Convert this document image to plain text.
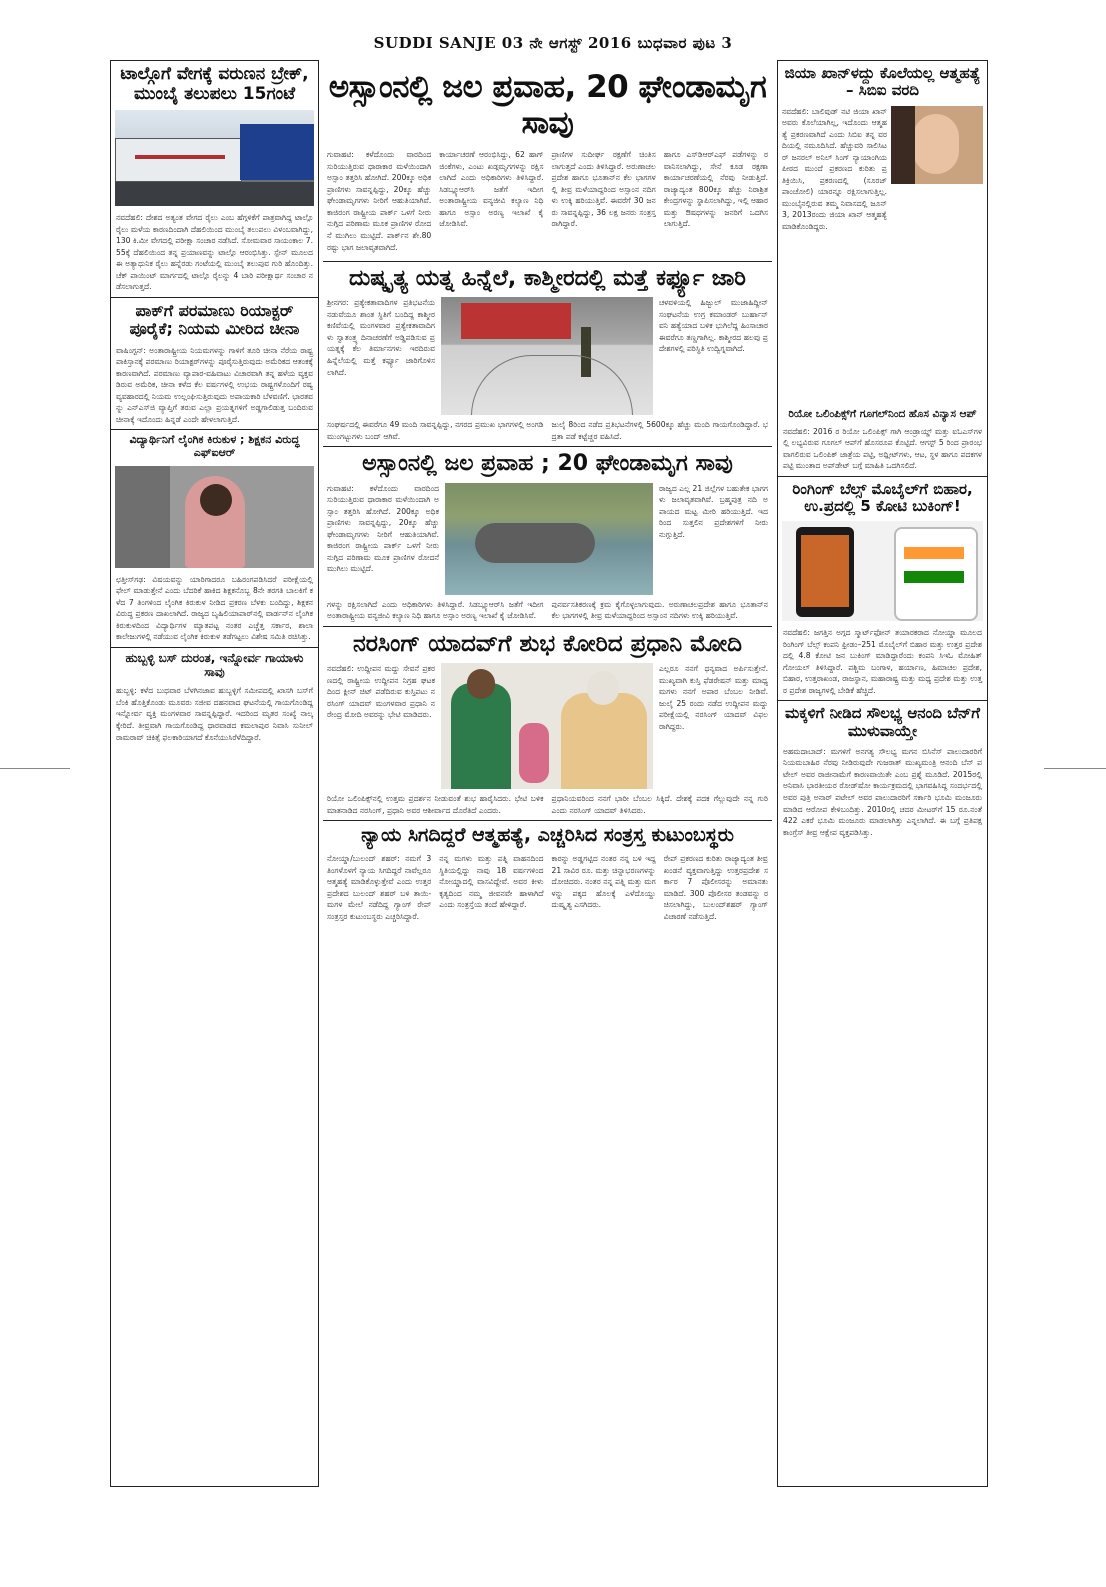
SUDDI SANJE 03 ನೇ ಆಗಸ್ಟ್ 2016 ಬುಧವಾರ ಪುಟ 3
ಟಾಲ್ಗೊಗೆ ವೇಗಕ್ಕೆ ವರುಣನ ಬ್ರೇಕ್, ಮುಂಬೈ ತಲುಪಲು 15ಗಂಟೆ
ನವದೆಹಲಿ: ದೇಶದ ಅತ್ಯಂತ ವೇಗದ ರೈಲು ಎಂಬ ಹೆಗ್ಗಳಿಕೆಗೆ ಪಾತ್ರವಾಗಿದ್ದ ಟಾಲ್ಗೊ ರೈಲು ಮಳೆಯ ಕಾರಣದಿಂದಾಗಿ ದೆಹಲಿಯಿಂದ ಮುಂಬೈ ತಲುಪಲು ವಿಳಂಬವಾಗಿದ್ದು, 130 ಕಿ.ಮೀ ವೇಗದಲ್ಲಿ ಪರೀಕ್ಷಾ ಸಂಚಾರ ನಡೆಸಿದೆ. ಸೋಮವಾರ ಸಾಯಂಕಾಲ 7.55ಕ್ಕೆ ದೆಹಲಿಯಿಂದ ತನ್ನ ಪ್ರಯಾಣವನ್ನು ಟಾಲ್ಗೊ ಆರಂಭಿಸಿತ್ತು. ಸ್ಪೇನ್ ಮೂಲದ ಈ ಅತ್ಯಾಧುನಿಕ ರೈಲು ಹನ್ನೆರಡು ಗಂಟೆಯಲ್ಲಿ ಮುಂಬೈ ತಲುಪುವ ಗುರಿ ಹೊಂದಿತ್ತು. ಚೆಕ್ ಪಾಯಿಂಟ್ ಮಾರ್ಗದಲ್ಲಿ ಟಾಲ್ಗೊ ರೈಲನ್ನು 4 ಬಾರಿ ಪರೀಕ್ಷಾರ್ಥ ಸಂಚಾರ ನಡೆಸಲಾಗುತ್ತದೆ.
ಪಾಕ್‌ಗೆ ಪರಮಾಣು ರಿಯಾಕ್ಟರ್ ಪೂರೈಕೆ; ನಿಯಮ ಮೀರಿದ ಚೀನಾ
ವಾಷಿಂಗ್ಟನ್: ಅಂತಾರಾಷ್ಟ್ರೀಯ ನಿಯಮಗಳನ್ನು ಗಾಳಿಗೆ ತೂರಿ ಚೀನಾ ನೆರೆಯ ರಾಷ್ಟ್ರ ಪಾಕಿಸ್ತಾನಕ್ಕೆ ಪರಮಾಣು ರಿಯಾಕ್ಟರ್‌ಗಳನ್ನು ಪೂರೈಸುತ್ತಿರುವುದು ಅಮೆರಿಕದ ಆತಂಕಕ್ಕೆ ಕಾರಣವಾಗಿದೆ. ಪರಮಾಣು ವ್ಯಾಪಾರ-ವಹಿವಾಟು ವಿಚಾರವಾಗಿ ತನ್ನ ಹಳೆಯ ವ್ಯಕ್ತವಡಿರುವ ಅಮೆರಿಕ, ಚೀನಾ ಕಳೆದ ಕೆಲ ವರ್ಷಗಳಲ್ಲಿ ಉಭಯ ರಾಷ್ಟ್ರಗಳೊಂದಿಗೆ ರಷ್ಯ ವ್ಯವಹಾರದಲ್ಲಿ ನಿಯಮ ಉಲ್ಲಂಘಿಸುತ್ತಿರುವುದು ಅಪಾಯಕಾರಿ ಬೆಳವಣಿಗೆ. ಭಾರತವನ್ನು ಎನ್‌ಎಸ್‌ಜಿ ವ್ಯಾಪ್ತಿಗೆ ತರುವ ಎಲ್ಲಾ ಪ್ರಯತ್ನಗಳಿಗೆ ಅಡ್ಡಗಾಲಿಡುತ್ತ ಬಂದಿರುವ ಚೀನಾಕ್ಕೆ ಇದೊಂದು ಹಿನ್ನಡೆ ಎಂದೇ ಹೇಳಲಾಗುತ್ತಿದೆ.
ವಿದ್ಯಾರ್ಥಿನಿಗೆ ಲೈಂಗಿಕ ಕಿರುಕುಳ ; ಶಿಕ್ಷಕನ ವಿರುದ್ಧ ಎಫ್‌ಐಆರ್
ಛತ್ತೀಸ್‌ಗಢ: ವಿಷಯವನ್ನು ಯಾರಿಗಾದರೂ ಬಹಿರಂಗಪಡಿಸಿದರೆ ಪರೀಕ್ಷೆಯಲ್ಲಿ ಫೇಲ್ ಮಾಡುತ್ತೇನೆ ಎಂದು ಬೆದರಿಕೆ ಹಾಕಿದ ಶಿಕ್ಷಕನೊಬ್ಬ 8ನೇ ತರಗತಿ ಬಾಲಕಿಗೆ ಕಳೆದ 7 ತಿಂಗಳಿಂದ ಲೈಂಗಿಕ ಕಿರುಕುಳ ನೀಡಿದ ಪ್ರಕರಣ ಬೆಳಕು ಬಂದಿದ್ದು, ಶಿಕ್ಷಕನ ವಿರುದ್ಧ ಪ್ರಕರಣ ದಾಖಲಾಗಿದೆ. ರಾಜ್ಯದ ಬೃಹಿಲಿಯಾಪಾರ್‌ನಲ್ಲಿ ವಾರ್ಡನ್‌ನ ಲೈಂಗಿಕ ಕಿರುಕುಳದಿಂದ ವಿದ್ಯಾರ್ಥಿಗಳ ಮ್ಯಾತಪಟ್ಟ ನಂತರ ಎಚ್ಚೆತ್ತ ಸರ್ಕಾರ, ಶಾಲಾ ಕಾಲೇಜುಗಳಲ್ಲಿ ನಡೆಯುವ ಲೈಂಗಿಕ ಕಿರುಕುಳ ತಡೆಗಟ್ಟಲು ವಿಶೇಷ ಸಮಿತಿ ರಚಿಸಿತ್ತು.
ಹುಬ್ಬಳ್ಳಿ ಬಸ್ ದುರಂತ, ಇನ್ನೋರ್ವ ಗಾಯಾಳು ಸಾವು
ಹುಬ್ಬಳ್ಳಿ: ಕಳೆದ ಬುಧವಾರ ಬೆಳಗಿನಜಾವ ಹುಬ್ಬಳ್ಳಿಗೆ ಸಮೀಪದಲ್ಲಿ ಖಾಸಗಿ ಬಸ್‌ಗೆ ಬೆಂಕಿ ಹೊತ್ತಿಕೊಂಡು ಮೂವರು ಸಜೀವ ದಹನವಾದ ಘಟನೆಯಲ್ಲಿ ಗಾಯಗೊಂಡಿದ್ದ ಇನ್ನೋರ್ವ ವ್ಯಕ್ತಿ ಮಂಗಳವಾರ ಸಾವನ್ನಪ್ಪಿದ್ದಾರೆ. ಇದರಿಂದ ಮೃತರ ಸಂಖ್ಯೆ ನಾಲ್ಕಕ್ಕೇರಿದೆ. ತೀವ್ರವಾಗಿ ಗಾಯಗೊಂಡಿದ್ದ ಧಾರವಾಡದ ಕಮಲಾಪುರ ನಿವಾಸಿ ಸುನೀಲ್ ರಾಮರಾವ್ ಚಿಕಿತ್ಸೆ ಫಲಕಾರಿಯಾಗದೆ ಕೊನೆಯುಸಿರೆಳೆದಿದ್ದಾರೆ.
ಅಸ್ಸಾಂನಲ್ಲಿ ಜಲ ಪ್ರವಾಹ, 20 ಘೇಂಡಾಮೃಗ ಸಾವು
ಗುವಾಹಟಿ: ಕಳೆದೊಂದು ವಾರದಿಂದ ಸುರಿಯುತ್ತಿರುವ ಧಾರಾಕಾರ ಮಳೆಯಿಂದಾಗಿ ಅಸ್ಸಾಂ ತತ್ತರಿಸಿ ಹೋಗಿದೆ. 200ಕ್ಕೂ ಅಧಿಕ ಪ್ರಾಣಿಗಳು ಸಾವನ್ನಪ್ಪಿದ್ದು, 20ಕ್ಕೂ ಹೆಚ್ಚು ಘೇಂಡಾಮೃಗಗಳು ನೀರಿಗೆ ಆಹುತಿಯಾಗಿವೆ. ಕಾಜಿರಂಗ ರಾಷ್ಟ್ರೀಯ ಪಾರ್ಕ್ ಒಳಗೆ ನೀರು ನುಗ್ಗಿದ ಪರಿಣಾಮ ಮೂಕ ಪ್ರಾಣಿಗಳ ರೋದನೆ ಮುಗಿಲು ಮುಟ್ಟಿದೆ. ಪಾರ್ಕ್‌ನ ಶೇ.80 ರಷ್ಟು ಭಾಗ ಜಲಾವೃತವಾಗಿದೆ.
ಕಾರ್ಯಾಚರಣೆ ಆರಂಭಿಸಿದ್ದು, 62 ಹಾಗ್ ಜಿಂಕೆಗಳು, ಎಂಟು ಖಡ್ಗಮೃಗಗಳನ್ನು ರಕ್ಷಿಸಲಾಗಿದೆ ಎಂದು ಅಧಿಕಾರಿಗಳು ತಿಳಿಸಿದ್ದಾರೆ. ಸಿಡಬ್ಲ್ಯೂಆರ್‌ಸಿ ಜತೆಗೆ ಇದೀಗ ಅಂತಾರಾಷ್ಟ್ರೀಯ ವನ್ಯಜೀವಿ ಕಲ್ಯಾಣ ನಿಧಿ ಹಾಗೂ ಅಸ್ಸಾಂ ಅರಣ್ಯ ಇಲಾಖೆ ಕೈ ಜೋಡಿಸಿವೆ.
ಪ್ರಾಣಿಗಳ ಸುದೀರ್ಘ ರಕ್ಷಣೆಗೆ ಚಿಂತಿಸಲಾಗುತ್ತದೆ ಎಂದು ತಿಳಿಸಿದ್ದಾರೆ. ಅರುಣಾಚಲಪ್ರದೇಶ ಹಾಗೂ ಭೂತಾನ್‌ನ ಕೆಲ ಭಾಗಗಳಲ್ಲಿ ತೀವ್ರ ಮಳೆಯಾದ್ದರಿಂದ ಅಸ್ಸಾಂನ ನದಿಗಳು ಉಕ್ಕಿ ಹರಿಯುತ್ತಿವೆ. ಈವರೆಗೆ 30 ಜನರು ಸಾವನ್ನಪ್ಪಿದ್ದು, 36 ಲಕ್ಷ ಜನರು ಸಂತ್ರಸ್ತರಾಗಿದ್ದಾರೆ.
ಹಾಗೂ ಎಸ್‌ಡಿಆರ್‌ಎಫ್ ಪಡೆಗಳನ್ನು ರವಾನಿಸಲಾಗಿದ್ದು, ಸೇನೆ ಕೂಡ ರಕ್ಷಣಾ ಕಾರ್ಯಾಚರಣೆಯಲ್ಲಿ ನೆರವು ನೀಡುತ್ತಿದೆ. ರಾಜ್ಯಾದ್ಯಂತ 800ಕ್ಕೂ ಹೆಚ್ಚು ನಿರಾಶ್ರಿತ ಕೇಂದ್ರಗಳನ್ನು ಸ್ಥಾಪಿಸಲಾಗಿದ್ದು, ಇಲ್ಲಿ ಆಹಾರ ಮತ್ತು ಔಷಧಗಳನ್ನು ಜನರಿಗೆ ಒದಗಿಸಲಾಗುತ್ತಿದೆ.
ದುಷ್ಕೃತ್ಯ ಯತ್ನ ಹಿನ್ನೆಲೆ, ಕಾಶ್ಮೀರದಲ್ಲಿ ಮತ್ತೆ ಕರ್ಫ್ಯೂ ಜಾರಿ
ಶ್ರೀನಗರ: ಪ್ರತ್ಯೇಕತಾವಾದಿಗಳ ಪ್ರತಿಭಟನೆಯ ನಡುವೆಯೂ ಶಾಂತ ಸ್ಥಿತಿಗೆ ಬಂದಿದ್ದ ಕಾಶ್ಮೀರ ಕಣಿವೆಯಲ್ಲಿ ಮಂಗಳವಾರ ಪ್ರತ್ಯೇಕತಾವಾದಿಗಳು ಸ್ವಾತಂತ್ರ್ಯ ದಿನಾಚರಣೆಗೆ ಅಡ್ಡಿಪಡಿಸುವ ಪ್ರಯತ್ನಕ್ಕೆ ಕೆಲ ತಿರ್ಮಾನಗಳು ಇರದಿರುವ ಹಿನ್ನೆಲೆಯಲ್ಲಿ ಮತ್ತೆ ಕರ್ಫ್ಯೂ ಜಾರಿಗೊಳಿಸಲಾಗಿದೆ.
ಚಳವಳಿಯಲ್ಲಿ ಹಿಜ್ಬುಲ್ ಮುಜಾಹಿದ್ದೀನ್ ಸಂಘಟನೆಯ ಉಗ್ರ ಕಮಾಂಡರ್ ಬುರ್ಹಾನ್ ವನಿ ಹತ್ಯೆಯಾದ ಬಳಿಕ ಭುಗಿಲೆದ್ದ ಹಿಂಸಾಚಾರ ಈವರೆಗೂ ತಣ್ಣಗಾಗಿಲ್ಲ. ಕಾಶ್ಮೀರದ ಹಲವು ಪ್ರದೇಶಗಳಲ್ಲಿ ಪರಿಸ್ಥಿತಿ ಉದ್ವಿಗ್ನವಾಗಿದೆ.
ಸಂಘರ್ಷದಲ್ಲಿ ಈವರೆಗೂ 49 ಮಂದಿ ಸಾವನ್ನಪ್ಪಿದ್ದು, ನಗರದ ಪ್ರಮುಖ ಭಾಗಗಳಲ್ಲಿ ಅಂಗಡಿ ಮುಂಗಟ್ಟುಗಳು ಬಂದ್ ಆಗಿವೆ.
ಜುಲೈ 8ರಿಂದ ನಡೆದ ಪ್ರತಿಭಟನೆಗಳಲ್ಲಿ 5600ಕ್ಕೂ ಹೆಚ್ಚು ಮಂದಿ ಗಾಯಗೊಂಡಿದ್ದಾರೆ. ಭದ್ರತಾ ಪಡೆ ಕಟ್ಟೆಚ್ಚರ ವಹಿಸಿದೆ.
ಅಸ್ಸಾಂನಲ್ಲಿ ಜಲ ಪ್ರವಾಹ ; 20 ಘೇಂಡಾಮೃಗ ಸಾವು
ಗುವಾಹಟಿ: ಕಳೆದೊಂದು ವಾರದಿಂದ ಸುರಿಯುತ್ತಿರುವ ಧಾರಾಕಾರ ಮಳೆಯಿಂದಾಗಿ ಅಸ್ಸಾಂ ತತ್ತರಿಸಿ ಹೋಗಿದೆ. 200ಕ್ಕೂ ಅಧಿಕ ಪ್ರಾಣಿಗಳು ಸಾವನ್ನಪ್ಪಿದ್ದು, 20ಕ್ಕೂ ಹೆಚ್ಚು ಘೇಂಡಾಮೃಗಗಳು ನೀರಿಗೆ ಆಹುತಿಯಾಗಿವೆ. ಕಾಜಿರಂಗ ರಾಷ್ಟ್ರೀಯ ಪಾರ್ಕ್ ಒಳಗೆ ನೀರು ನುಗ್ಗಿದ ಪರಿಣಾಮ ಮೂಕ ಪ್ರಾಣಿಗಳ ರೋದನೆ ಮುಗಿಲು ಮುಟ್ಟಿದೆ.
ರಾಜ್ಯದ ಎಲ್ಲ 21 ಜಿಲ್ಲೆಗಳ ಬಹುತೇಕ ಭಾಗಗಳು ಜಲಾವೃತವಾಗಿವೆ. ಬ್ರಹ್ಮಪುತ್ರ ನದಿ ಅಪಾಯದ ಮಟ್ಟ ಮೀರಿ ಹರಿಯುತ್ತಿದೆ. ಇದರಿಂದ ಸುತ್ತಲಿನ ಪ್ರದೇಶಗಳಿಗೆ ನೀರು ನುಗ್ಗುತ್ತಿದೆ.
ಗಳನ್ನು ರಕ್ಷಿಸಲಾಗಿದೆ ಎಂದು ಅಧಿಕಾರಿಗಳು ತಿಳಿಸಿದ್ದಾರೆ. ಸಿಡಬ್ಲ್ಯೂಆರ್‌ಸಿ ಜತೆಗೆ ಇದೀಗ ಅಂತಾರಾಷ್ಟ್ರೀಯ ವನ್ಯಜೀವಿ ಕಲ್ಯಾಣ ನಿಧಿ ಹಾಗೂ ಅಸ್ಸಾಂ ಅರಣ್ಯ ಇಲಾಖೆ ಕೈ ಜೋಡಿಸಿವೆ.
ಪುನರ್ವಸತಿಕರಣಕ್ಕೆ ಕ್ರಮ ಕೈಗೊಳ್ಳಲಾಗುವುದು. ಅರುಣಾಚಲಪ್ರದೇಶ ಹಾಗೂ ಭೂತಾನ್‌ನ ಕೆಲ ಭಾಗಗಳಲ್ಲಿ ತೀವ್ರ ಮಳೆಯಾದ್ದರಿಂದ ಅಸ್ಸಾಂನ ನದಿಗಳು ಉಕ್ಕಿ ಹರಿಯುತ್ತಿವೆ.
ನರಸಿಂಗ್ ಯಾದವ್‌ಗೆ ಶುಭ ಕೋರಿದ ಪ್ರಧಾನಿ ಮೋದಿ
ನವದೆಹಲಿ: ಉದ್ದೀಪನ ಮದ್ದು ಸೇವನೆ ಪ್ರಕರಣದಲ್ಲಿ ರಾಷ್ಟ್ರೀಯ ಉದ್ದೀಪನ ನಿಗ್ರಹ ಘಟಕದಿಂದ ಕ್ಲೀನ್ ಚಿಟ್ ಪಡೆದಿರುವ ಕುಸ್ತಿಪಟು ನರಸಿಂಗ್ ಯಾದವ್ ಮಂಗಳವಾರ ಪ್ರಧಾನಿ ನರೇಂದ್ರ ಮೋದಿ ಅವರನ್ನು ಭೇಟಿ ಮಾಡಿದರು.
ಎಲ್ಲರೂ ನನಗೆ ಧನ್ಯವಾದ ಅರ್ಪಿಸುತ್ತೇನೆ. ಮುಖ್ಯವಾಗಿ ಕುಸ್ತಿ ಫೆಡರೇಷನ್ ಮತ್ತು ಮಾಧ್ಯಮಗಳು ನನಗೆ ಅಪಾರ ಬೆಂಬಲ ನೀಡಿವೆ. ಜುಲೈ 25 ರಂದು ನಡೆದ ಉದ್ದೀಪನ ಮದ್ದು ಪರೀಕ್ಷೆಯಲ್ಲಿ ನರಸಿಂಗ್ ಯಾದವ್ ವಿಫಲರಾಗಿದ್ದರು.
ರಿಯೋ ಒಲಿಂಪಿಕ್ಸ್‌ನಲ್ಲಿ ಉತ್ತಮ ಪ್ರದರ್ಶನ ನೀಡುವಂತೆ ಶುಭ ಹಾರೈಸಿದರು. ಭೇಟಿ ಬಳಿಕ ಮಾತನಾಡಿದ ನರಸಿಂಗ್, ಪ್ರಧಾನಿ ಅವರ ಆಶೀರ್ವಾದ ದೊರೆತಿದೆ ಎಂದರು.
ಪ್ರಧಾನಿಯವರಿಂದ ನನಗೆ ಭಾರೀ ಬೆಂಬಲ ಸಿಕ್ಕಿದೆ. ದೇಶಕ್ಕೆ ಪದಕ ಗೆಲ್ಲುವುದೇ ನನ್ನ ಗುರಿ ಎಂದು ನರಸಿಂಗ್ ಯಾದವ್ ತಿಳಿಸಿದರು.
ನ್ಯಾಯ ಸಿಗದಿದ್ದರೆ ಆತ್ಮಹತ್ಯೆ, ಎಚ್ಚರಿಸಿದ ಸಂತ್ರಸ್ತ ಕುಟುಂಬಸ್ಥರು
ನೋಯ್ಡಾ/ಬುಲಂದ್ ಶಹರ್: ನಮಗೆ 3 ತಿಂಗಳೊಳಗೆ ನ್ಯಾಯ ಸಿಗದಿದ್ದರೆ ನಾವೆಲ್ಲರೂ ಆತ್ಮಹತ್ಯೆ ಮಾಡಿಕೊಳ್ಳುತ್ತೇವೆ ಎಂದು ಉತ್ತರಪ್ರದೇಶದ ಬುಲಂದ್ ಶಹರ್ ಬಳಿ ತಾಯಿ-ಮಗಳ ಮೇಲೆ ನಡೆದಿದ್ದ ಗ್ಯಾಂಗ್ ರೇಪ್ ಸಂತ್ರಸ್ತರ ಕುಟುಂಬಸ್ಥರು ಎಚ್ಚರಿಸಿದ್ದಾರೆ.
ನನ್ನ ಮಗಳು ಮತ್ತು ಪತ್ನಿ ವಾಹನದಿಂದ ಸ್ಥಿತಿಯಲ್ಲಿದ್ದು ನಾವು 18 ವರ್ಷಗಳಿಂದ ನೋಯ್ಡಾದಲ್ಲಿ ವಾಸವಿದ್ದೇವೆ. ಅವರ ಕೀಳು ಕೃತ್ಯದಿಂದ ನಮ್ಮ ಜೀವನವೇ ಹಾಳಾಗಿದೆ ಎಂದು ಸಂತ್ರಸ್ತೆಯ ತಂದೆ ಹೇಳಿದ್ದಾರೆ.
ಕಾರನ್ನು ಅಡ್ಡಗಟ್ಟಿದ ನಂತರ ನನ್ನ ಬಳಿ ಇದ್ದ 21 ಸಾವಿರ ರೂ. ಮತ್ತು ಚಿನ್ನಾಭರಣಗಳನ್ನು ದೋಚಿದರು. ನಂತರ ನನ್ನ ಪತ್ನಿ ಮತ್ತು ಮಗಳನ್ನು ಪಕ್ಕದ ಹೊಲಕ್ಕೆ ಎಳೆದೊಯ್ದು ದುಷ್ಕೃತ್ಯ ಎಸಗಿದರು.
ರೇಪ್ ಪ್ರಕರಣದ ಕುರಿತು ರಾಜ್ಯಾದ್ಯಂತ ತೀವ್ರ ಖಂಡನೆ ವ್ಯಕ್ತವಾಗುತ್ತಿದ್ದು ಉತ್ತರಪ್ರದೇಶ ಸರ್ಕಾರ 7 ಪೊಲೀಸರನ್ನು ಅಮಾನತು ಮಾಡಿದೆ. 300 ಪೊಲೀಸರ ತಂಡವನ್ನು ರಚಿಸಲಾಗಿದ್ದು, ಬುಲಂದ್‌ಶಹರ್ ಗ್ಯಾಂಗ್ ವಿಚಾರಣೆ ನಡೆಸುತ್ತಿದೆ.
ಜಿಯಾ ಖಾನ್‌ಳದ್ದು ಕೊಲೆಯಲ್ಲ ಆತ್ಮಹತ್ಯೆ – ಸಿಬಿಐ ವರದಿ
ನವದೆಹಲಿ: ಬಾಲಿವುಡ್ ನಟಿ ಜಿಯಾ ಖಾನ್ ಅವರು ಕೊಲೆಯಾಗಿಲ್ಲ, ಇದೊಂದು ಆತ್ಮಹತ್ಯೆ ಪ್ರಕರಣವಾಗಿದೆ ಎಂದು ಸಿಬಿಐ ತನ್ನ ವರದಿಯಲ್ಲಿ ನಮೂದಿಸಿದೆ. ಹೆಚ್ಚುವರಿ ಸಾಲಿಸಿಟರ್ ಜನರಲ್ ಅನಿಲ್ ಸಿಂಗ್ ನ್ಯಾಯಾಂಗಿಯ ಪೀಠದ ಮುಂದೆ ಪ್ರಕರಣದ ಕುರಿತು ಪ್ರತಿಕ್ರಿಯಿಸಿ, ಪ್ರಕರಣದಲ್ಲಿ (ಸೂರಜ್ ಪಾಂಚೋಲಿ) ಯಾರನ್ನೂ ರಕ್ಷಿಸಲಾಗುತ್ತಿಲ್ಲ. ಮುಂಬೈನಲ್ಲಿರುವ ತಮ್ಮ ನಿವಾಸದಲ್ಲಿ ಜೂನ್ 3, 2013ರಂದು ಜಿಯಾ ಖಾನ್ ಆತ್ಮಹತ್ಯೆ ಮಾಡಿಕೊಂಡಿದ್ದರು.
ರಿಯೋ ಒಲಿಂಪಿಕ್ಸ್‌ಗೆ ಗೂಗಲ್‌ನಿಂದ ಹೊಸ ವಿನ್ಯಾಸ ಆಪ್
ನವದೆಹಲಿ: 2016 ರ ರಿಯೋ ಒಲಿಂಪಿಕ್ಸ್ ಗಾಗಿ ಆಂಡ್ರಾಯ್ಡ್ ಮತ್ತು ಐಓಎಸ್‌ಗಳಲ್ಲಿ ಲಭ್ಯವಿರುವ ಗೂಗಲ್ ಆಪ್‌ಗೆ ಹೊಸರೂಪ ಕೊಟ್ಟಿದೆ. ಆಗಸ್ಟ್ 5 ರಿಂದ ಪ್ರಾರಂಭವಾಗಲಿರುವ ಒಲಿಂಪಿಕ್ ಜಾತ್ರೆಯ ಪಟ್ಟಿ, ಅಥ್ಲೀಟ್‌ಗಳು, ಆಟ, ಸ್ಥಳ ಹಾಗೂ ಪದಕಗಳ ಪಟ್ಟಿ ಮುಂತಾದ ಅಪ್‌ಡೇಟ್ ಬಗ್ಗೆ ಮಾಹಿತಿ ಒದಗಿಸಲಿದೆ.
ರಿಂಗಿಂಗ್ ಬೆಲ್ಸ್ ಮೊಬೈಲ್‌ಗೆ ಬಿಹಾರ, ಉ.ಪ್ರದಲ್ಲಿ 5 ಕೋಟಿ ಬುಕಿಂಗ್!
ನವದೆಹಲಿ: ಜಗತ್ತಿನ ಅಗ್ಗದ ಸ್ಮಾರ್ಟ್‌ಫೋನ್ ತಯಾರಕರಾದ ನೋಯ್ಡಾ ಮೂಲದ ರಿಂಗಿಂಗ್ ಬೆಲ್ಸ್ ಕಂಪನಿ ಫ್ರೀಡಂ–251 ಮೊಬೈಲ್‌ಗೆ ಬಿಹಾರ ಮತ್ತು ಉತ್ತರ ಪ್ರದೇಶದಲ್ಲಿ 4.8 ಕೋಟಿ ಜನ ಬುಕಿಂಗ್ ಮಾಡಿದ್ದಾರೆಂದು ಕಂಪನಿ ಸಿಇಓ ಮೋಹಿತ್ ಗೋಯಲ್ ತಿಳಿಸಿದ್ದಾರೆ. ಪಶ್ಚಿಮ ಬಂಗಾಳ, ಹರ್ಯಾಣ, ಹಿಮಾಚಲ ಪ್ರದೇಶ, ಬಿಹಾರ, ಉತ್ತರಾಖಂಡ, ರಾಜಸ್ಥಾನ, ಮಹಾರಾಷ್ಟ್ರ ಮತ್ತು ಮಧ್ಯ ಪ್ರದೇಶ ಮತ್ತು ಉತ್ತರ ಪ್ರದೇಶ ರಾಜ್ಯಗಳಲ್ಲಿ ಬೇಡಿಕೆ ಹೆಚ್ಚಿದೆ.
ಮಕ್ಕಳಿಗೆ ನೀಡಿದ ಸೌಲಭ್ಯ ಆನಂದಿ ಬೆನ್‌ಗೆ ಮುಳುವಾಯ್ತೇ
ಅಹಮದಾಬಾದ್: ಮಗಳಿಗೆ ಅನಗತ್ಯ ಸೌಲಭ್ಯ ಮಗನ ಬಿಸಿನೆಸ್ ಪಾಲುದಾರರಿಗೆ ನಿಯಮಬಾಹಿರ ನೆರವು ನೀಡಿರುವುದೇ ಗುಜರಾತ್ ಮುಖ್ಯಮಂತ್ರಿ ಆನಂದಿ ಬೆನ್ ಪಟೇಲ್ ಅವರ ರಾಜೀನಾಮೆಗೆ ಕಾರಣವಾಯಿತೇ ಎಂಬ ಪ್ರಶ್ನೆ ಮೂಡಿದೆ. 2015ರಲ್ಲಿ ಅನಿವಾಸಿ ಭಾರತೀಯರ ರೋಡ್‌ಷೋ ಕಾರ್ಯಕ್ರಮದಲ್ಲಿ ಭಾಗವಹಿಸಿದ್ದ ಸಂದರ್ಭದಲ್ಲಿ ಅವರ ಪುತ್ರಿ ಅನಾರ್ ಪಟೇಲ್ ಅವರ ಪಾಲುದಾರರಿಗೆ ಸರ್ಕಾರಿ ಭೂಮಿ ಮಂಜೂರು ಮಾಡಿದ ಆರೋಪ ಕೇಳಿಬಂದಿತ್ತು. 2010ರಲ್ಲಿ ಚದರ ಮೀಟರ್‌ಗೆ 15 ರೂ.ನಂತೆ 422 ಎಕರೆ ಭೂಮಿ ಮಂಜೂರು ಮಾಡಲಾಗಿತ್ತು ಎನ್ನಲಾಗಿದೆ. ಈ ಬಗ್ಗೆ ಪ್ರತಿಪಕ್ಷ ಕಾಂಗ್ರೆಸ್ ತೀವ್ರ ಆಕ್ಷೇಪ ವ್ಯಕ್ತಪಡಿಸಿತ್ತು.
